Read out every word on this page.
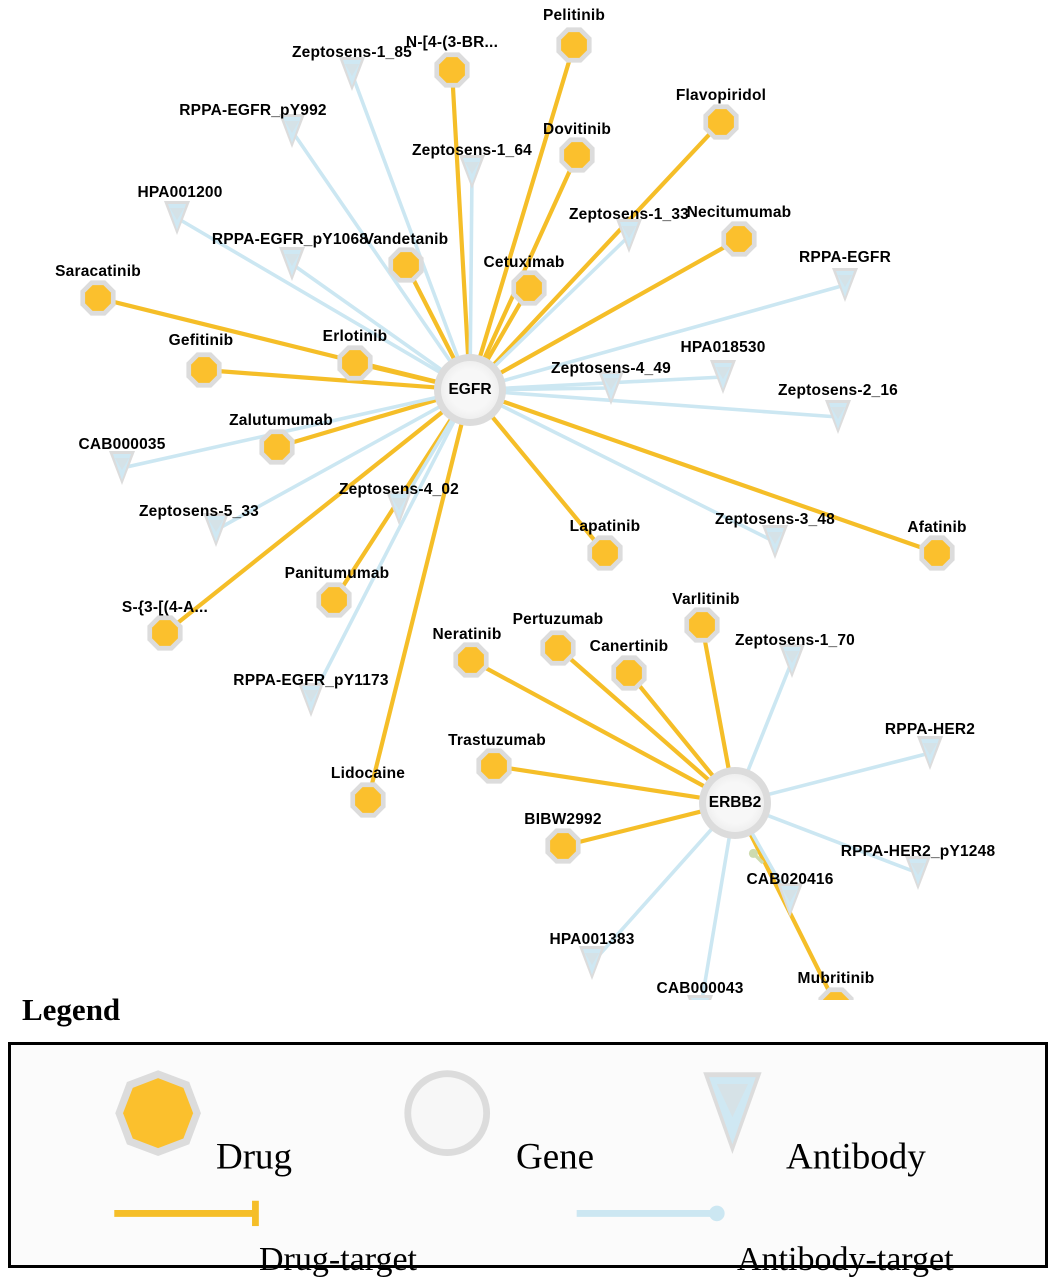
Zeptosens-1_85
RPPA-EGFR_pY992
Zeptosens-1_64
HPA001200
Zeptosens-1_33
RPPA-EGFR_pY1068
RPPA-EGFR
HPA018530
Zeptosens-4_49
Zeptosens-2_16
CAB000035
Zeptosens-4_02
Zeptosens-5_33	Zeptosens-3_48
Zeptosens-1_70
RPPA-EGFR_pY1173
RPPA-HER2
RPPA-HER2_pY1248
CAB020416
HPA001383
CAB000043
Pelitinib
N-[4-(3-BR...
Flavopiridol
Dovitinib
Necitumumab
Vandetanib
Cetuximab
Saracatinib
Erlotinib
Gefitinib
Zalutumumab
Afatinib
Lapatinib
Varlitinib
Panitumumab
S-{3-[(4-A...
Pertuzumab
Neratinib
Canertinib
Trastuzumab
Lidocaine
BIBW2992
Mubritinib
EGFR
ERBB2
Legend
Drug	Gene	Antibody
Drug-target	Antibody-target
